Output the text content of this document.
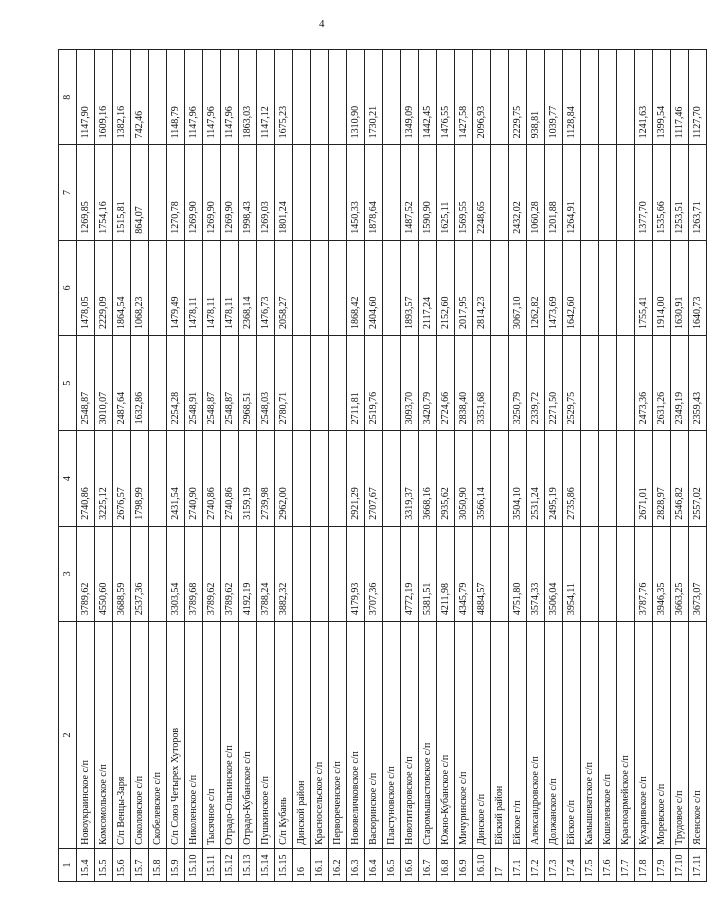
4
1	2	3	4	5	6	7	8
15.4	Новоукраинское с/п	3789,62	2740,86	2548,87	1478,05	1269,85	1147,90
15.5	Комсомольское с/п	4550,60	3225,12	3010,07	2229,09	1754,16	1609,16
15.6	С/п Венцы-Заря	3688,59	2676,57	2487,64	1864,54	1515,81	1382,16
15.7	Соколовское с/п	2537,36	1798,99	1632,86	1068,23	864,07	742,46
15.8	Скобелевское с/п						
15.9	С/п Союз Четырех Хуторов	3303,54	2431,54	2254,28	1479,49	1270,78	1148,79
15.10	Николенское с/п	3789,68	2740,90	2548,91	1478,11	1269,90	1147,96
15.11	Тысячное с/п	3789,62	2740,86	2548,87	1478,11	1269,90	1147,96
15.12	Отрадо-Ольгинское с/п	3789,62	2740,86	2548,87	1478,11	1269,90	1147,96
15.13	Отрадо-Кубанское с/п	4192,19	3159,19	2968,51	2368,14	1998,43	1863,03
15.14	Пушкинское с/п	3788,24	2739,98	2548,03	1476,73	1269,03	1147,12
15.15	С/п Кубань	3882,32	2962,00	2780,71	2058,27	1801,24	1675,23
16	Динской район						
16.1	Красносельское с/п						
16.2	Первореченское с/п						
16.3	Нововеличковское с/п	4179,93	2921,29	2711,81	1868,42	1450,33	1310,90
16.4	Васюринское с/п	3707,36	2707,67	2519,76	2404,60	1878,64	1730,21
16.5	Пластуновское с/п						
16.6	Новотитаровское с/п	4772,19	3319,37	3093,70	1893,57	1487,52	1349,09
16.7	Старомышастовское с/п	5381,51	3668,16	3420,79	2117,24	1590,90	1442,45
16.8	Южно-Кубанское с/п	4211,98	2935,62	2724,66	2152,60	1625,11	1476,55
16.9	Мичуринское с/п	4345,79	3050,90	2838,40	2017,95	1569,55	1427,58
16.10	Динское с/п	4884,57	3566,14	3351,68	2814,23	2248,65	2096,93
17	Ейский район						
17.1	Ейское г/п	4751,80	3504,10	3250,79	3067,10	2432,02	2229,75
17.2	Александровское с/п	3574,33	2531,24	2339,72	1262,82	1060,28	938,81
17.3	Должанское с/п	3506,04	2495,19	2271,50	1473,69	1201,88	1039,77
17.4	Ейское с/п	3954,11	2735,86	2529,75	1642,60	1264,91	1128,84
17.5	Камышеватское с/п						
17.6	Кошелевское с/п						
17.7	Красноармейское с/п						
17.8	Кухаривское с/п	3787,76	2671,01	2473,36	1755,41	1377,70	1241,63
17.9	Моревское с/п	3946,35	2828,97	2631,26	1914,00	1535,66	1399,54
17.10	Трудовое с/п	3663,25	2546,82	2349,19	1630,91	1253,51	1117,46
17.11	Ясенское с/п	3673,07	2557,02	2359,43	1640,73	1263,71	1127,70
